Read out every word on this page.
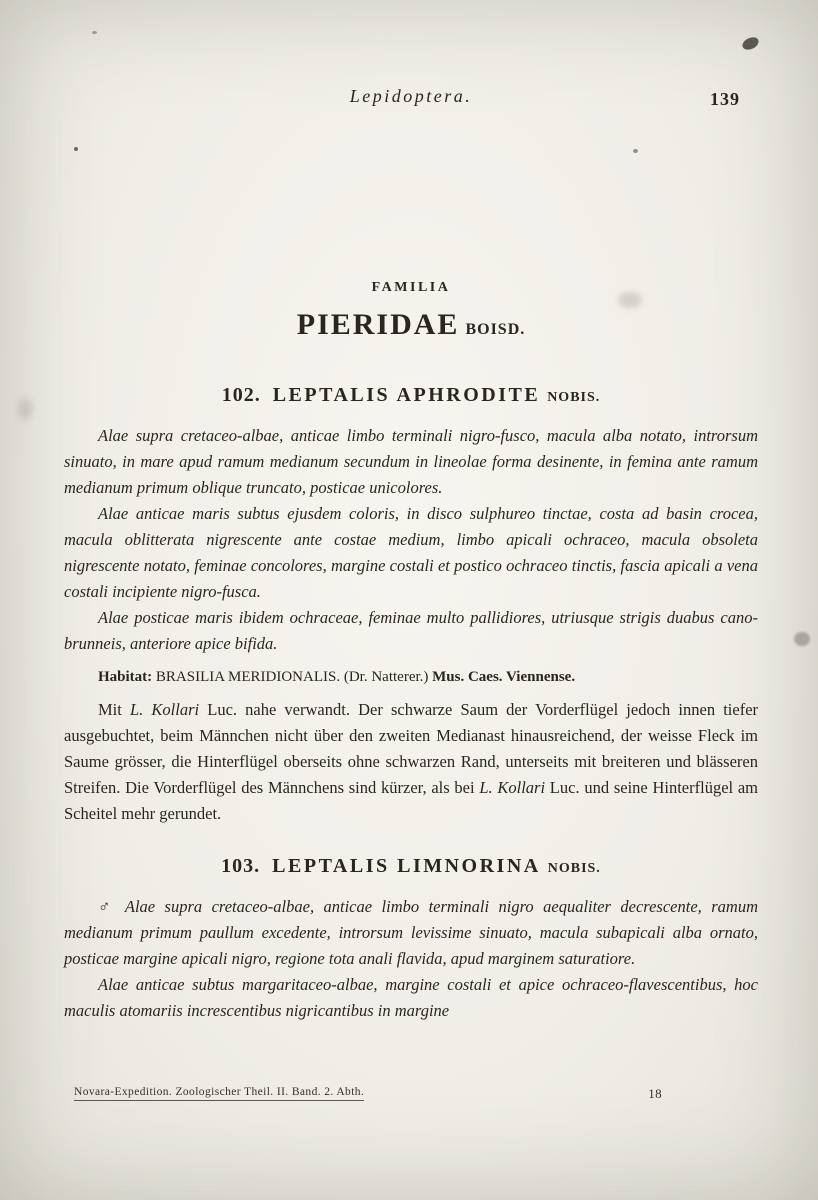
Lepidoptera.	139
FAMILIA
PIERIDAE BOISD.
102. LEPTALIS APHRODITE NOBIS.

Alae supra cretaceo-albae, anticae limbo terminali nigro-fusco, macula alba notato, introrsum sinuato, in mare apud ramum medianum secundum in lineolae forma desinente, in femina ante ramum medianum primum oblique truncato, posticae unicolores.

Alae anticae maris subtus ejusdem coloris, in disco sulphureo tinctae, costa ad basin crocea, macula oblitterata nigrescente ante costae medium, limbo apicali ochraceo, macula obsoleta nigrescente notato, feminae concolores, margine costali et postico ochraceo tinctis, fascia apicali a vena costali incipiente nigro-fusca.

Alae posticae maris ibidem ochraceae, feminae multo pallidiores, utriusque strigis duabus cano-brunneis, anteriore apice bifida.

Habitat: BRASILIA MERIDIONALIS. (Dr. Natterer.) Mus. Caes. Viennense.

Mit L. Kollari Luc. nahe verwandt. Der schwarze Saum der Vorderflügel jedoch innen tiefer ausgebuchtet, beim Männchen nicht über den zweiten Medianast hinausreichend, der weisse Fleck im Saume grösser, die Hinterflügel oberseits ohne schwarzen Rand, unterseits mit breiteren und blässeren Streifen. Die Vorderflügel des Männchens sind kürzer, als bei L. Kollari Luc. und seine Hinterflügel am Scheitel mehr gerundet.

103. LEPTALIS LIMNORINA NOBIS.

♂ Alae supra cretaceo-albae, anticae limbo terminali nigro aequaliter decrescente, ramum medianum primum paullum excedente, introrsum levissime sinuato, macula subapicali alba ornato, posticae margine apicali nigro, regione tota anali flavida, apud marginem saturatiore.

Alae anticae subtus margaritaceo-albae, margine costali et apice ochraceo-flavescentibus, hoc maculis atomariis increscentibus nigricantibus in margine

Novara-Expedition. Zoologischer Theil. II. Band. 2. Abth.	18
